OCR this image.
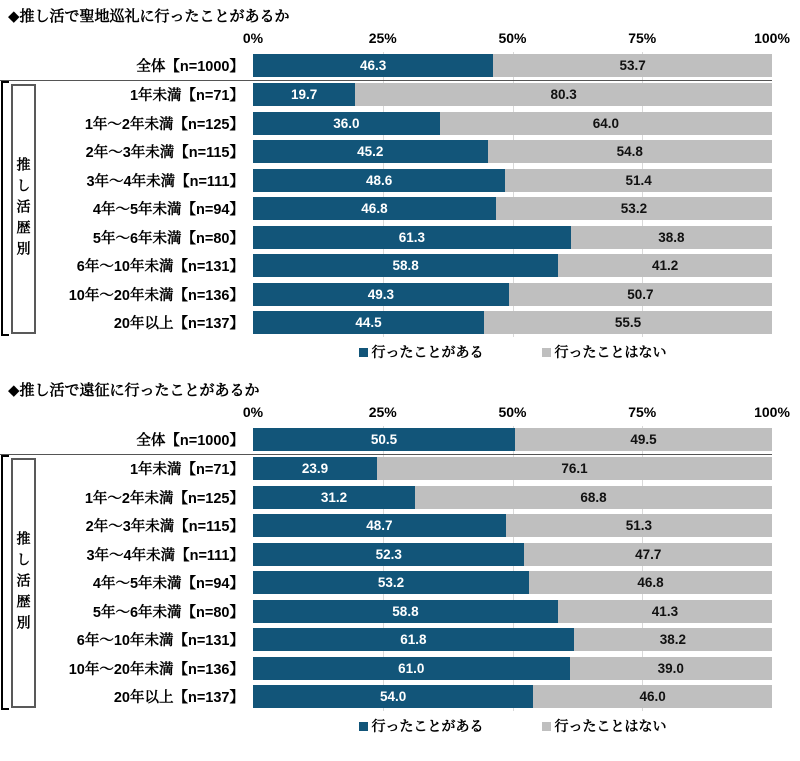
◆推し活で聖地巡礼に行ったことがあるか
0%	25%	50%	75%	100%
全体【n=1000】	46.3	53.7
1年未満【n=71】	19.7	80.3
1年〜2年未満【n=125】	36.0	64.0
2年〜3年未満【n=115】	45.2	54.8
3年〜4年未満【n=111】	48.6	51.4
4年〜5年未満【n=94】	46.8	53.2
5年〜6年未満【n=80】	61.3	38.8
6年〜10年未満【n=131】	58.8	41.2
10年〜20年未満【n=136】	49.3	50.7
20年以上【n=137】	44.5	55.5
推し活歴別
行ったことがある	行ったことはない
◆推し活で遠征に行ったことがあるか
0%	25%	50%	75%	100%
全体【n=1000】	50.5	49.5
1年未満【n=71】	23.9	76.1
1年〜2年未満【n=125】	31.2	68.8
2年〜3年未満【n=115】	48.7	51.3
3年〜4年未満【n=111】	52.3	47.7
4年〜5年未満【n=94】	53.2	46.8
5年〜6年未満【n=80】	58.8	41.3
6年〜10年未満【n=131】	61.8	38.2
10年〜20年未満【n=136】	61.0	39.0
20年以上【n=137】	54.0	46.0
推し活歴別
行ったことがある	行ったことはない
